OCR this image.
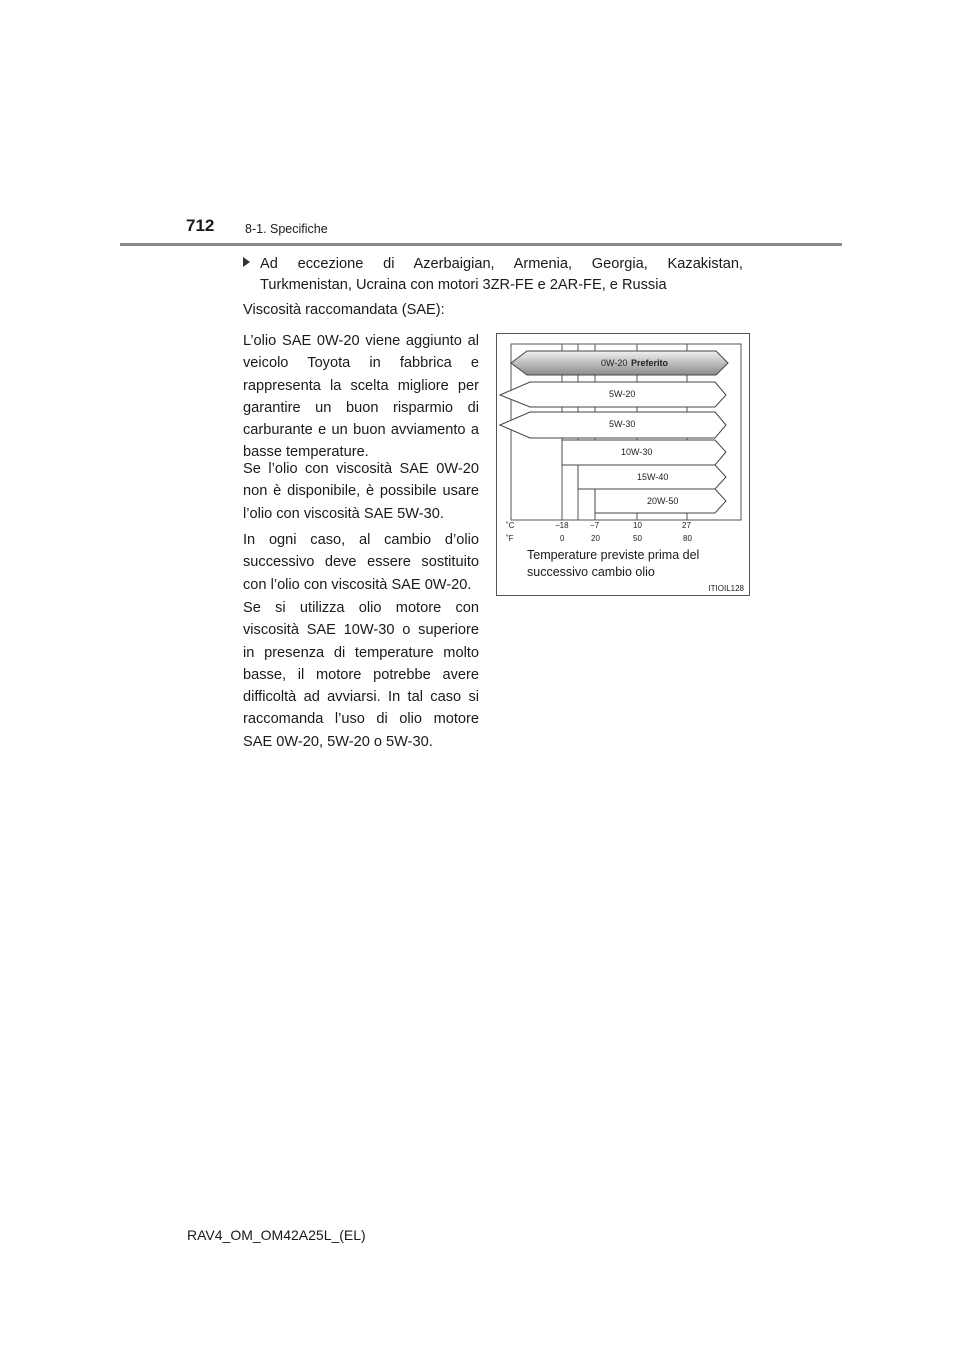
712 8-1. Specifiche
Ad eccezione di Azerbaigian, Armenia, Georgia, Kazakistan,
Turkmenistan, Ucraina con motori 3ZR-FE e 2AR-FE, e Russia
Viscosità raccomandata (SAE):

L’olio SAE 0W-20 viene aggiunto al veicolo Toyota in fabbrica e rappresenta la scelta migliore per garantire un buon risparmio di carburante e un buon avviamento a basse temperature.

Se l’olio con viscosità SAE 0W-20 non è disponibile, è possibile usare l’olio con viscosità SAE 5W-30.

In ogni caso, al cambio d’olio successivo deve essere sostituito con l’olio con viscosità SAE 0W-20.

Se si utilizza olio motore con viscosità SAE 10W-30 o superiore in presenza di temperature molto basse, il motore potrebbe avere difficoltà ad avviarsi. In tal caso si raccomanda l’uso di olio motore SAE 0W-20, 5W-20 o 5W-30.

0W-20 Preferito
5W-20
5W-30
10W-30
15W-40
20W-50
˚C
˚F
−18	−7	10	27
0	20	50	80
Temperature previste prima del
successivo cambio olio
ITIOIL128
RAV4_OM_OM42A25L_(EL)
